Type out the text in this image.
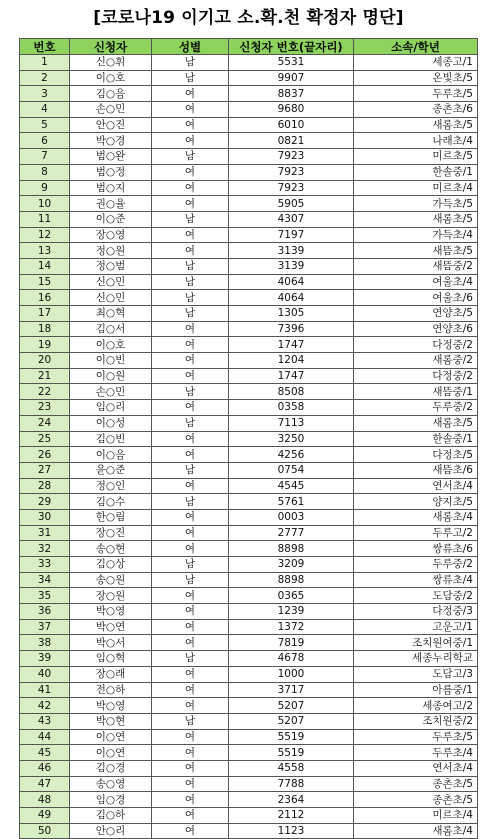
[코로나19 이기고 소.확.천 확정자 명단]
번호	신청자	성별	신청자 번호(끝자리)	소속/학년
1	신○휘	남	5531	세종고/1
2	이○호	남	9907	온빛초/5
3	김○음	여	8837	두루초/5
4	손○민	여	9680	종촌초/6
5	안○진	여	6010	새롬초/5
6	박○경	여	0821	나래초/4
7	범○완	남	7923	미르초/5
8	범○정	여	7923	한솔중/1
9	범○지	여	7923	미르초/4
10	권○율	여	5905	가득초/5
11	이○준	남	4307	새롬초/5
12	장○영	여	7197	가득초/4
13	정○원	여	3139	새뜸초/5
14	정○범	남	3139	새뜸중/2
15	신○민	남	4064	여울초/4
16	신○민	남	4064	여울초/6
17	최○혁	남	1305	연양초/5
18	김○서	여	7396	연양초/6
19	이○호	여	1747	다정중/2
20	이○빈	여	1204	새롬중/2
21	이○원	여	1747	다정중/2
22	손○민	남	8508	새뜸중/1
23	임○리	여	0358	두루중/2
24	이○성	남	7113	새롬초/5
25	김○빈	여	3250	한솔중/1
26	이○음	여	4256	다정초/5
27	윤○준	남	0754	새뜸초/6
28	정○인	여	4545	연서초/4
29	김○수	남	5761	양지초/5
30	한○림	여	0003	새롬초/4
31	장○진	여	2777	두루고/2
32	송○현	여	8898	쌍류초/6
33	김○상	남	3209	두루중/2
34	송○원	남	8898	쌍류초/4
35	장○원	여	0365	도담중/2
36	박○영	여	1239	다정중/3
37	박○연	여	1372	고운고/1
38	박○서	여	7819	조치원여중/1
39	임○혁	남	4678	세종누리학교
40	장○래	여	1000	도담고/3
41	전○하	여	3717	아름중/1
42	박○영	여	5207	세종여고/2
43	박○현	남	5207	조치원중/2
44	이○연	여	5519	두루초/5
45	이○연	여	5519	두루초/4
46	김○경	여	4558	연서초/4
47	송○영	여	7788	종촌초/5
48	임○경	여	2364	종촌초/5
49	김○하	여	2112	미르초/4
50	안○리	여	1123	새롬초/4
